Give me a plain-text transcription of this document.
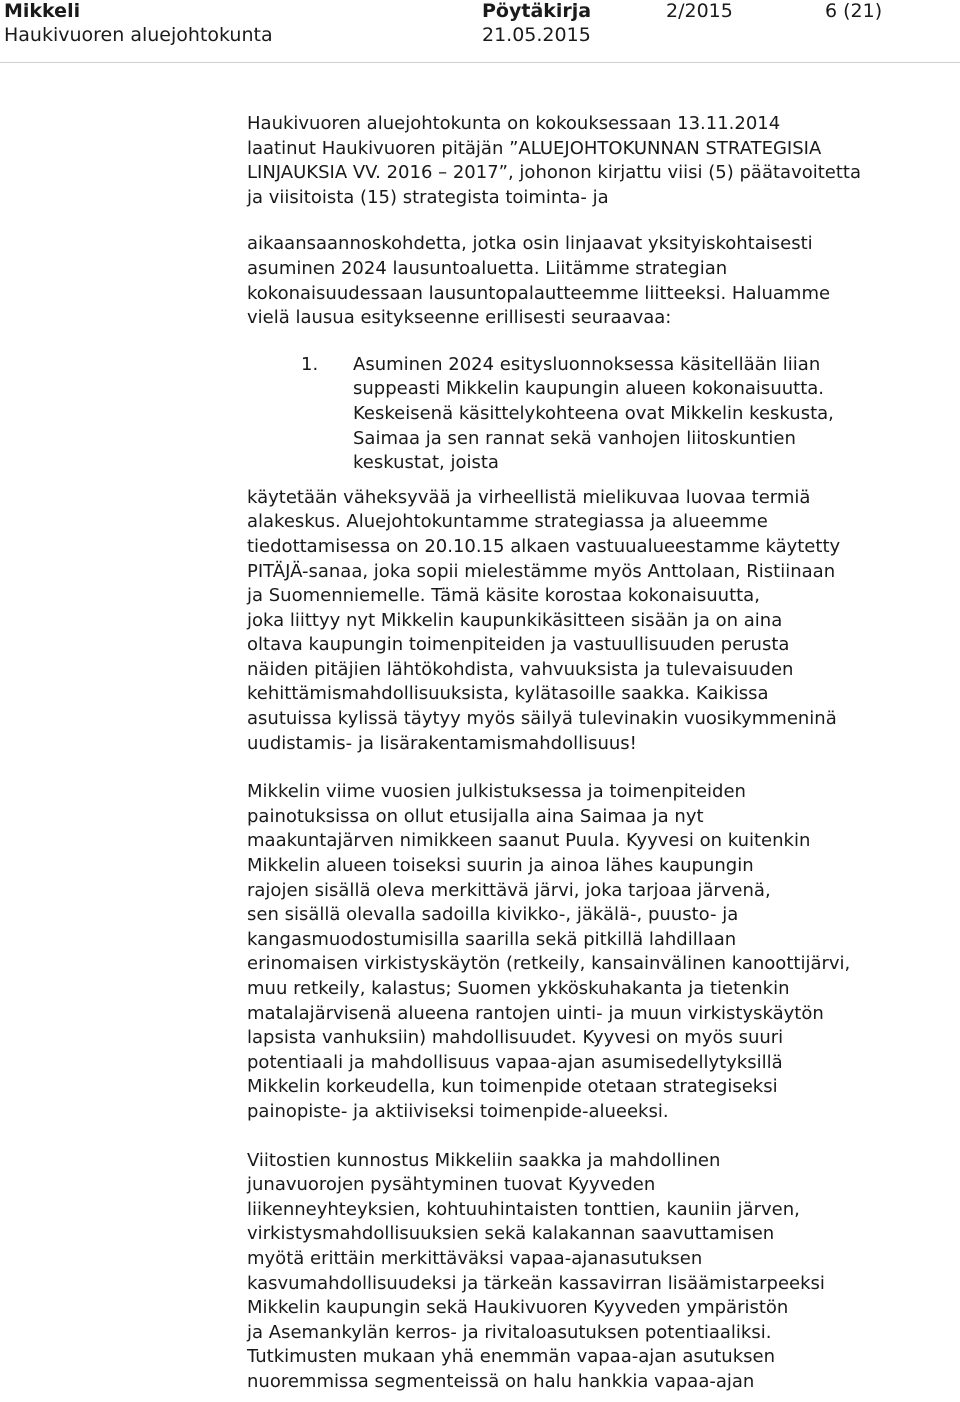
Mikkeli
Haukivuoren aluejohtokunta
Pöytäkirja
21.05.2015
2/2015	6 (21)

Haukivuoren aluejohtokunta on kokouksessaan 13.11.2014
laatinut Haukivuoren pitäjän ”ALUEJOHTOKUNNAN STRATEGISIA
LINJAUKSIA VV. 2016 – 2017”, johonon kirjattu viisi (5) päätavoitetta
ja viisitoista (15) strategista toiminta- ja

aikaansaannoskohdetta, jotka osin linjaavat yksityiskohtaisesti
asuminen 2024 lausuntoaluetta. Liitämme strategian
kokonaisuudessaan lausuntopalautteemme liitteeksi. Haluamme
vielä lausua esitykseenne erillisesti seuraavaa:

1. Asuminen 2024 esitysluonnoksessa käsitellään liian
suppeasti Mikkelin kaupungin alueen kokonaisuutta.
Keskeisenä käsittelykohteena ovat Mikkelin keskusta,
Saimaa ja sen rannat sekä vanhojen liitoskuntien
keskustat, joista

käytetään väheksyvää ja virheellistä mielikuvaa luovaa termiä
alakeskus. Aluejohtokuntamme strategiassa ja alueemme
tiedottamisessa on 20.10.15 alkaen vastuualueestamme käytetty
PITÄJÄ-sanaa, joka sopii mielestämme myös Anttolaan, Ristiinaan
ja Suomenniemelle. Tämä käsite korostaa kokonaisuutta,
joka liittyy nyt Mikkelin kaupunkikäsitteen sisään ja on aina
oltava kaupungin toimenpiteiden ja vastuullisuuden perusta
näiden pitäjien lähtökohdista, vahvuuksista ja tulevaisuuden
kehittämismahdollisuuksista, kylätasoille saakka. Kaikissa
asutuissa kylissä täytyy myös säilyä tulevinakin vuosikymmeninä
uudistamis- ja lisärakentamismahdollisuus!

Mikkelin viime vuosien julkistuksessa ja toimenpiteiden
painotuksissa on ollut etusijalla aina Saimaa ja nyt
maakuntajärven nimikkeen saanut Puula. Kyyvesi on kuitenkin
Mikkelin alueen toiseksi suurin ja ainoa lähes kaupungin
rajojen sisällä oleva merkittävä järvi, joka tarjoaa järvenä,
sen sisällä olevalla sadoilla kivikko-, jäkälä-, puusto- ja
kangasmuodostumisilla saarilla sekä pitkillä lahdillaan
erinomaisen virkistyskäytön (retkeily, kansainvälinen kanoottijärvi,
muu retkeily, kalastus; Suomen ykköskuhakanta ja tietenkin
matalajärvisenä alueena rantojen uinti- ja muun virkistyskäytön
lapsista vanhuksiin) mahdollisuudet. Kyyvesi on myös suuri
potentiaali ja mahdollisuus vapaa-ajan asumisedellytyksillä
Mikkelin korkeudella, kun toimenpide otetaan strategiseksi
painopiste- ja aktiiviseksi toimenpide-alueeksi.

Viitostien kunnostus Mikkeliin saakka ja mahdollinen
junavuorojen pysähtyminen tuovat Kyyveden
liikenneyhteyksien, kohtuuhintaisten tonttien, kauniin järven,
virkistysmahdollisuuksien sekä kalakannan saavuttamisen
myötä erittäin merkittäväksi vapaa-ajanasutuksen
kasvumahdollisuudeksi ja tärkeän kassavirran lisäämistarpeeksi
Mikkelin kaupungin sekä Haukivuoren Kyyveden ympäristön
ja Asemankylän kerros- ja rivitaloasutuksen potentiaaliksi.
Tutkimusten mukaan yhä enemmän vapaa-ajan asutuksen
nuoremmissa segmenteissä on halu hankkia vapaa-ajan
